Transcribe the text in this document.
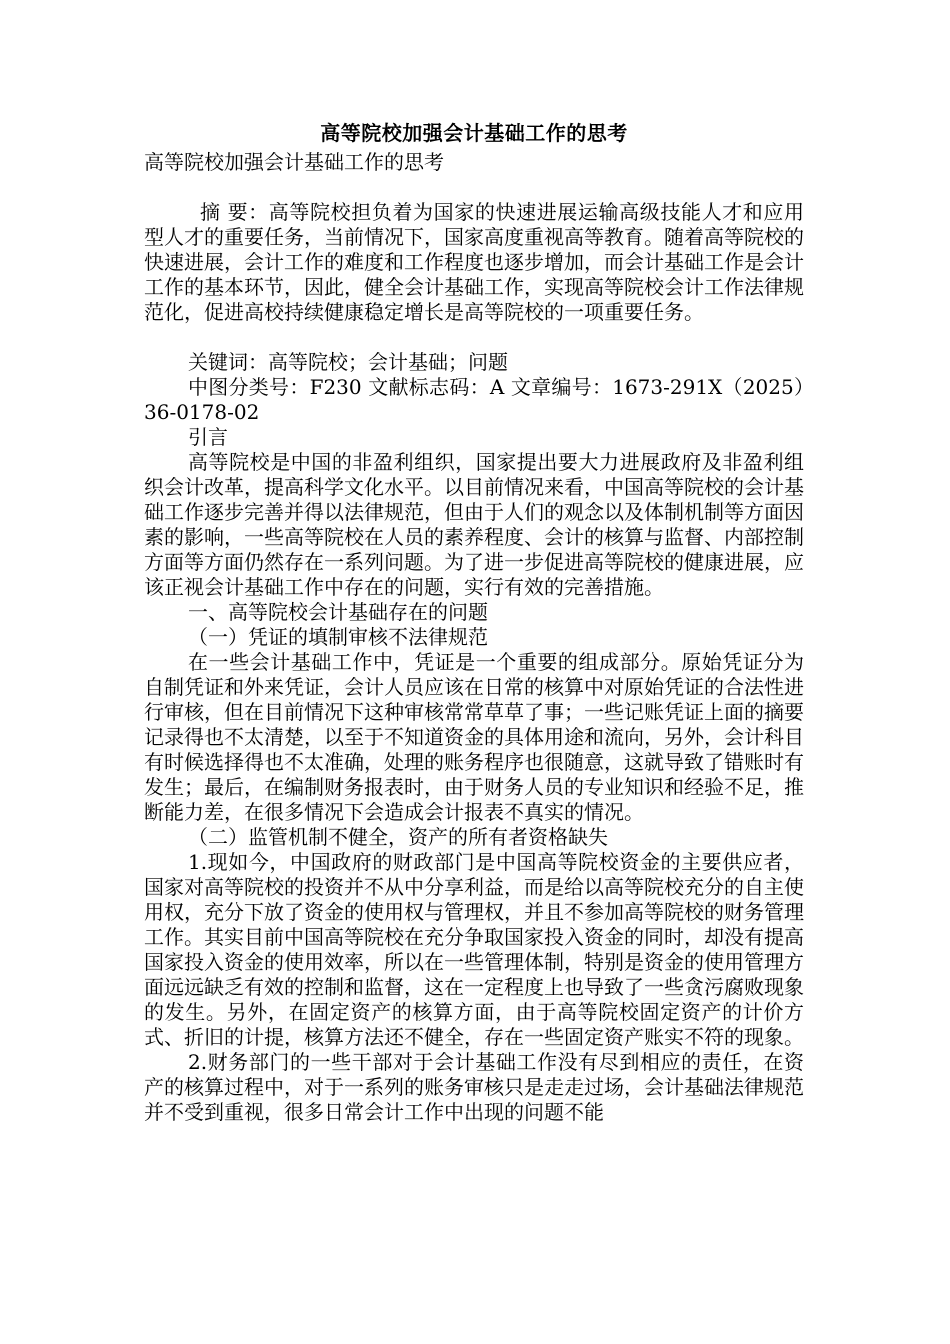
高等院校加强会计基础工作的思考

高等院校加强会计基础工作的思考

摘 要：高等院校担负着为国家的快速进展运输高级技能人才和应用型人才的重要任务，当前情况下，国家高度重视高等教育。随着高等院校的快速进展，会计工作的难度和工作程度也逐步增加，而会计基础工作是会计工作的基本环节，因此，健全会计基础工作，实现高等院校会计工作法律规范化，促进高校持续健康稳定增长是高等院校的一项重要任务。

关键词：高等院校；会计基础；问题

中图分类号：F230 文献标志码：A 文章编号：1673-291X（2025）36-0178-02

引言

高等院校是中国的非盈利组织，国家提出要大力进展政府及非盈利组织会计改革，提高科学文化水平。以目前情况来看，中国高等院校的会计基础工作逐步完善并得以法律规范，但由于人们的观念以及体制机制等方面因素的影响，一些高等院校在人员的素养程度、会计的核算与监督、内部控制方面等方面仍然存在一系列问题。为了进一步促进高等院校的健康进展，应该正视会计基础工作中存在的问题，实行有效的完善措施。

一、高等院校会计基础存在的问题

（一）凭证的填制审核不法律规范

在一些会计基础工作中，凭证是一个重要的组成部分。原始凭证分为自制凭证和外来凭证，会计人员应该在日常的核算中对原始凭证的合法性进行审核，但在目前情况下这种审核常常草草了事；一些记账凭证上面的摘要记录得也不太清楚，以至于不知道资金的具体用途和流向，另外，会计科目有时候选择得也不太准确，处理的账务程序也很随意，这就导致了错账时有发生；最后，在编制财务报表时，由于财务人员的专业知识和经验不足，推断能力差，在很多情况下会造成会计报表不真实的情况。

（二）监管机制不健全，资产的所有者资格缺失

1.现如今，中国政府的财政部门是中国高等院校资金的主要供应者，国家对高等院校的投资并不从中分享利益，而是给以高等院校充分的自主使用权，充分下放了资金的使用权与管理权，并且不参加高等院校的财务管理工作。其实目前中国高等院校在充分争取国家投入资金的同时，却没有提高国家投入资金的使用效率，所以在一些管理体制，特别是资金的使用管理方面远远缺乏有效的控制和监督，这在一定程度上也导致了一些贪污腐败现象的发生。另外，在固定资产的核算方面，由于高等院校固定资产的计价方式、折旧的计提，核算方法还不健全，存在一些固定资产账实不符的现象。

2.财务部门的一些干部对于会计基础工作没有尽到相应的责任，在资产的核算过程中，对于一系列的账务审核只是走走过场，会计基础法律规范并不受到重视，很多日常会计工作中出现的问题不能
